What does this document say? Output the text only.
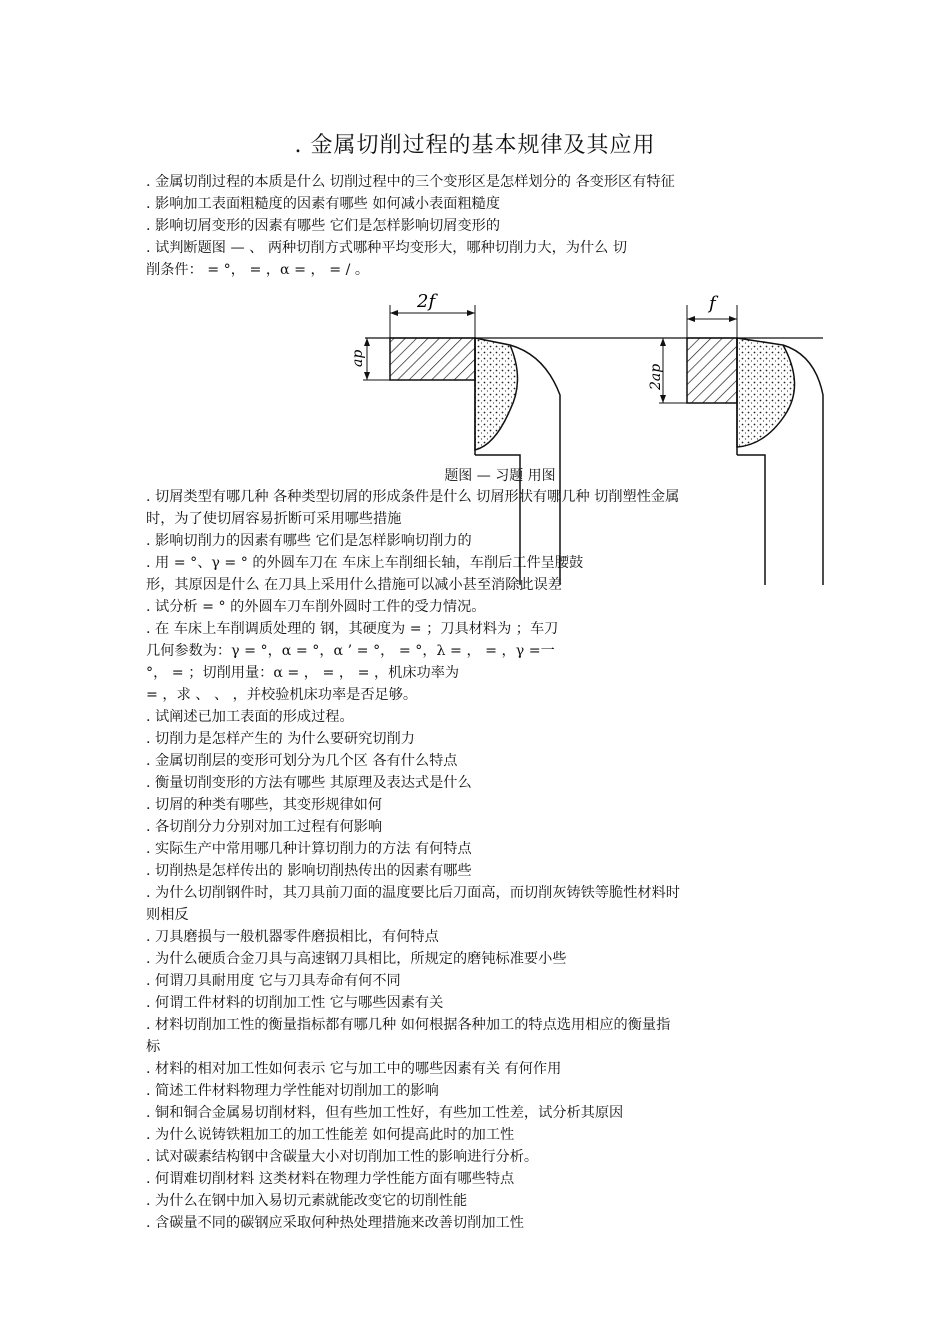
. 金属切削过程的基本规律及其应用
. 金属切削过程的本质是什么 切削过程中的三个变形区是怎样划分的 各变形区有特征
. 影响加工表面粗糙度的因素有哪些 如何减小表面粗糙度
. 影响切屑变形的因素有哪些 它们是怎样影响切屑变形的
. 试判断题图 — 、 两种切削方式哪种平均变形大，哪种切削力大，为什么 切
削条件： = °， = ，α = ， = / 。
2f
ap
f
2ap
题图 — 习题 用图
. 切屑类型有哪几种 各种类型切屑的形成条件是什么 切屑形状有哪几种 切削塑性金属
时，为了使切屑容易折断可采用哪些措施
. 影响切削力的因素有哪些 它们是怎样影响切削力的
. 用 = °、γ = ° 的外圆车刀在 车床上车削细长轴，车削后工件呈腰鼓
形，其原因是什么 在刀具上采用什么措施可以减小甚至消除此误差
. 试分析 = ° 的外圆车刀车削外圆时工件的受力情况。
. 在 车床上车削调质处理的 钢，其硬度为 = ；刀具材料为 ；车刀
几何参数为：γ = °，α = °，α ’ = °， = °，λ = ， = ，γ =一
°， = ；切削用量：α = ， = ， = ，机床功率为
= ，求 、 、 ，并校验机床功率是否足够。
. 试阐述已加工表面的形成过程。
. 切削力是怎样产生的 为什么要研究切削力
. 金属切削层的变形可划分为几个区 各有什么特点
. 衡量切削变形的方法有哪些 其原理及表达式是什么
. 切屑的种类有哪些，其变形规律如何
. 各切削分力分别对加工过程有何影响
. 实际生产中常用哪几种计算切削力的方法 有何特点
. 切削热是怎样传出的 影响切削热传出的因素有哪些
. 为什么切削钢件时，其刀具前刀面的温度要比后刀面高，而切削灰铸铁等脆性材料时
则相反
. 刀具磨损与一般机器零件磨损相比，有何特点
. 为什么硬质合金刀具与高速钢刀具相比，所规定的磨钝标准要小些
. 何谓刀具耐用度 它与刀具寿命有何不同
. 何谓工件材料的切削加工性 它与哪些因素有关
. 材料切削加工性的衡量指标都有哪几种 如何根据各种加工的特点选用相应的衡量指
标
. 材料的相对加工性如何表示 它与加工中的哪些因素有关 有何作用
. 简述工件材料物理力学性能对切削加工的影响
. 铜和铜合金属易切削材料，但有些加工性好，有些加工性差，试分析其原因
. 为什么说铸铁粗加工的加工性能差 如何提高此时的加工性
. 试对碳素结构钢中含碳量大小对切削加工性的影响进行分析。
. 何谓难切削材料 这类材料在物理力学性能方面有哪些特点
. 为什么在钢中加入易切元素就能改变它的切削性能
. 含碳量不同的碳钢应采取何种热处理措施来改善切削加工性
